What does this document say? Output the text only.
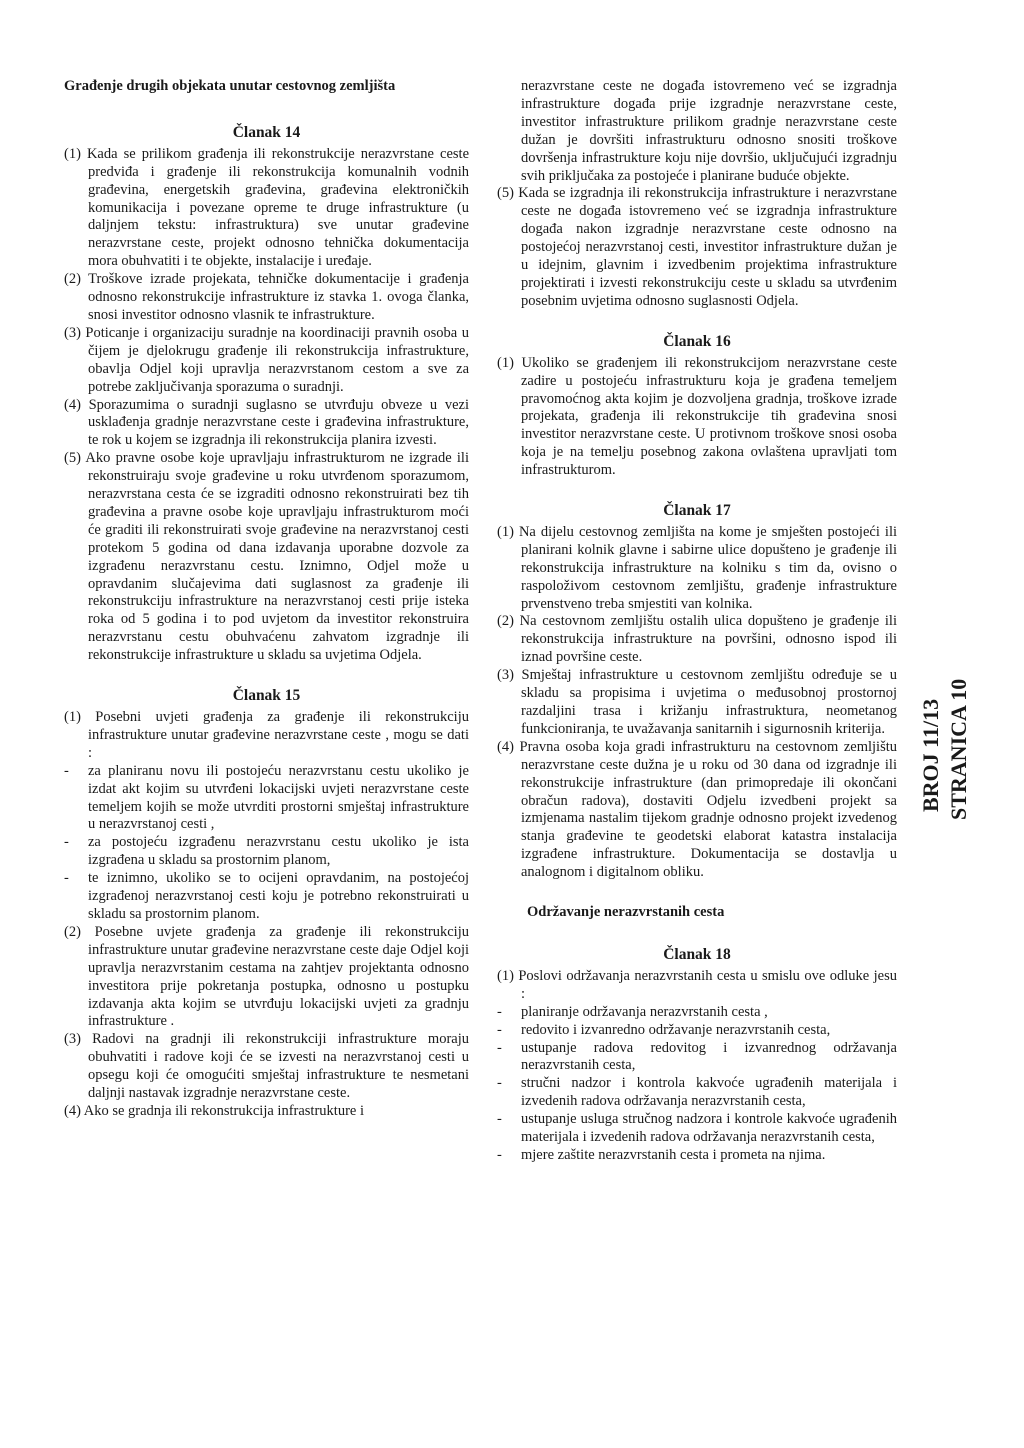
Građenje drugih objekata unutar cestovnog zemljišta

Članak 14

(1) Kada se prilikom građenja ili rekonstrukcije nerazvrstane ceste predviđa i građenje ili rekonstrukcija komunalnih vodnih građevina, energetskih građevina, građevina elektroničkih komunikacija i povezane opreme te druge infrastrukture (u daljnjem tekstu: infrastruktura) sve unutar građevine nerazvrstane ceste, projekt odnosno tehnička dokumentacija mora obuhvatiti i te objekte, instalacije i uređaje.

(2) Troškove izrade projekata, tehničke dokumentacije i građenja odnosno rekonstrukcije infrastrukture iz stavka 1. ovoga članka, snosi investitor odnosno vlasnik te infrastrukture.

(3) Poticanje i organizaciju suradnje na koordinaciji pravnih osoba u čijem je djelokrugu građenje ili rekonstrukcija infrastrukture, obavlja Odjel koji upravlja nerazvrstanom cestom a sve za potrebe zaključivanja sporazuma o suradnji.

(4) Sporazumima o suradnji suglasno se utvrđuju obveze u vezi usklađenja gradnje nerazvrstane ceste i građevina infrastrukture, te rok u kojem se izgradnja ili rekonstrukcija planira izvesti.

(5) Ako pravne osobe koje upravljaju infrastrukturom ne izgrade ili rekonstruiraju svoje građevine u roku utvrđenom sporazumom, nerazvrstana cesta će se izgraditi odnosno rekonstruirati bez tih građevina a pravne osobe koje upravljaju infrastrukturom moći će graditi ili rekonstruirati svoje građevine na nerazvrstanoj cesti protekom 5 godina od dana izdavanja uporabne dozvole za izgrađenu nerazvrstanu cestu. Iznimno, Odjel može u opravdanim slučajevima dati suglasnost za građenje ili rekonstrukciju infrastrukture na nerazvrstanoj cesti prije isteka roka od 5 godina i to pod uvjetom da investitor rekonstruira nerazvrstanu cestu obuhvaćenu zahvatom izgradnje ili rekonstrukcije infrastrukture u skladu sa uvjetima Odjela.

Članak 15

(1) Posebni uvjeti građenja za građenje ili rekonstrukciju infrastrukture unutar građevine nerazvrstane ceste , mogu se dati :

-	za planiranu novu ili postojeću nerazvrstanu cestu ukoliko je izdat akt kojim su utvrđeni lokacijski uvjeti nerazvrstane ceste temeljem kojih se može utvrditi prostorni smještaj infrastrukture u nerazvrstanoj cesti ,
-	za postojeću izgrađenu nerazvrstanu cestu ukoliko je ista izgrađena u skladu sa prostornim planom,
-	te iznimno, ukoliko se to ocijeni opravdanim, na postojećoj izgrađenoj nerazvrstanoj cesti koju je potrebno rekonstruirati u skladu sa prostornim planom.

(2) Posebne uvjete građenja za građenje ili rekonstrukciju infrastrukture unutar građevine nerazvrstane ceste daje Odjel koji upravlja nerazvrstanim cestama na zahtjev projektanta odnosno investitora prije pokretanja postupka, odnosno u postupku izdavanja akta kojim se utvrđuju lokacijski uvjeti za gradnju infrastrukture .

(3) Radovi na gradnji ili rekonstrukciji infrastrukture moraju obuhvatiti i radove koji će se izvesti na nerazvrstanoj cesti u opsegu koji će omogućiti smještaj infrastrukture te nesmetani daljnji nastavak izgradnje nerazvrstane ceste.

(4) Ako se gradnja ili rekonstrukcija infrastrukture i

nerazvrstane ceste ne događa istovremeno već se izgradnja infrastrukture događa prije izgradnje nerazvrstane ceste, investitor infrastrukture prilikom gradnje nerazvrstane ceste dužan je dovršiti infrastrukturu odnosno snositi troškove dovršenja infrastrukture koju nije dovršio, uključujući izgradnju svih priključaka za postojeće i planirane buduće objekte.

(5) Kada se izgradnja ili rekonstrukcija infrastrukture i nerazvrstane ceste ne događa istovremeno već se izgradnja infrastrukture događa nakon izgradnje nerazvrstane ceste odnosno na postojećoj nerazvrstanoj cesti, investitor infrastrukture dužan je u idejnim, glavnim i izvedbenim projektima infrastrukture projektirati i izvesti rekonstrukciju ceste u skladu sa utvrđenim posebnim uvjetima odnosno suglasnosti Odjela.

Članak 16

(1) Ukoliko se građenjem ili rekonstrukcijom nerazvrstane ceste zadire u postojeću infrastrukturu koja je građena temeljem pravomoćnog akta kojim je dozvoljena gradnja, troškove izrade projekata, građenja ili rekonstrukcije tih građevina snosi investitor nerazvrstane ceste. U protivnom troškove snosi osoba koja je na temelju posebnog zakona ovlaštena upravljati tom infrastrukturom.

Članak 17

(1) Na dijelu cestovnog zemljišta na kome je smješten postojeći ili planirani kolnik glavne i sabirne ulice dopušteno je građenje ili rekonstrukcija infrastrukture na kolniku s tim da, ovisno o raspoloživom cestovnom zemljištu, građenje infrastrukture prvenstveno treba smjestiti van kolnika.

(2) Na cestovnom zemljištu ostalih ulica dopušteno je građenje ili rekonstrukcija infrastrukture na površini, odnosno ispod ili iznad površine ceste.

(3) Smještaj infrastrukture u cestovnom zemljištu određuje se u skladu sa propisima i uvjetima o međusobnoj prostornoj razdaljini trasa i križanju infrastruktura, neometanog funkcioniranja, te uvažavanja sanitarnih i sigurnosnih kriterija.

(4) Pravna osoba koja gradi infrastrukturu na cestovnom zemljištu nerazvrstane ceste dužna je u roku od 30 dana od izgradnje ili rekonstrukcije infrastrukture (dan primopredaje ili okončani obračun radova), dostaviti Odjelu izvedbeni projekt sa izmjenama nastalim tijekom gradnje odnosno projekt izvedenog stanja građevine te geodetski elaborat katastra instalacija izgrađene infrastrukture. Dokumentacija se dostavlja u analognom i digitalnom obliku.

Održavanje nerazvrstanih cesta

Članak 18

(1) Poslovi održavanja nerazvrstanih cesta u smislu ove odluke jesu :

-	planiranje održavanja nerazvrstanih cesta ,
-	redovito i izvanredno održavanje nerazvrstanih cesta,
-	ustupanje radova redovitog i izvanrednog održavanja nerazvrstanih cesta,
-	stručni nadzor i kontrola kakvoće ugrađenih materijala i izvedenih radova održavanja nerazvrstanih cesta,
-	ustupanje usluga stručnog nadzora i kontrole kakvoće ugrađenih materijala i izvedenih radova održavanja nerazvrstanih cesta,
-	mjere zaštite nerazvrstanih cesta i prometa na njima.
BROJ 11/13 STRANICA 10
